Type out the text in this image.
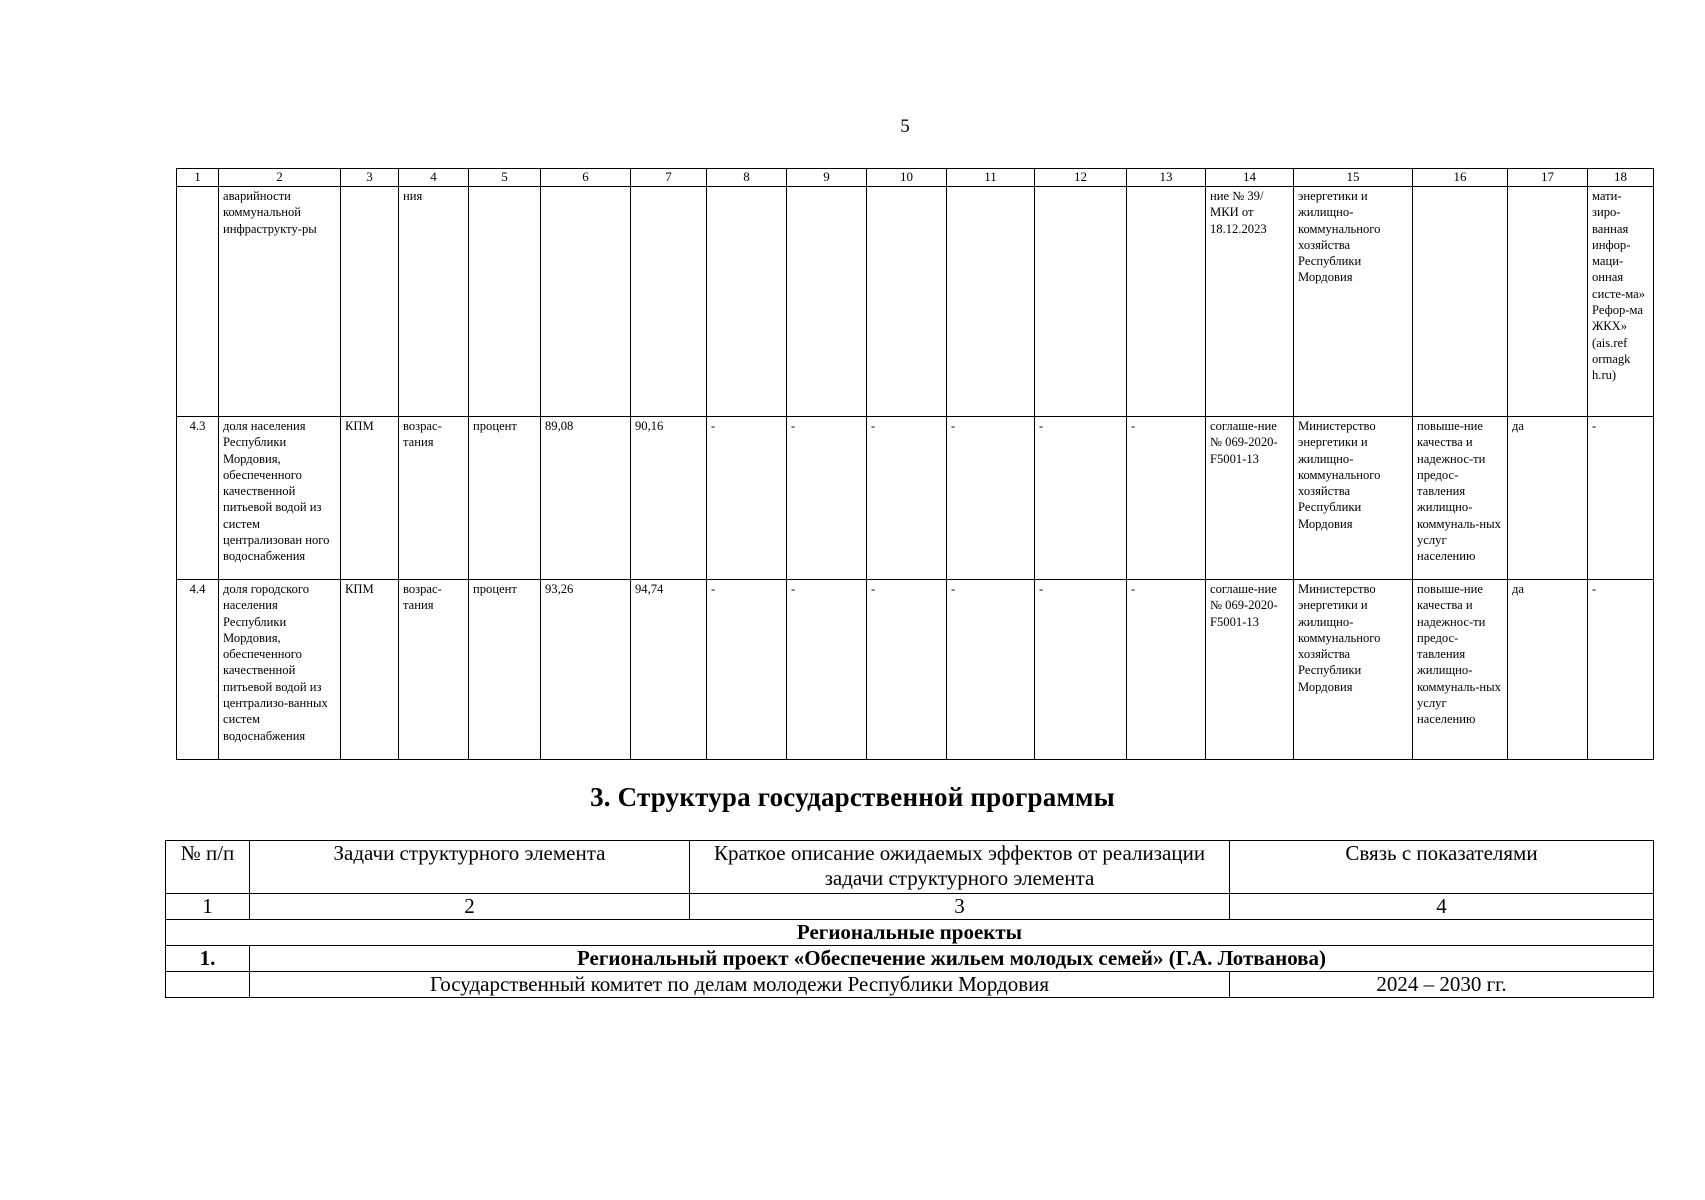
5
1	2	3	4	5	6	7	8	9	10	11	12	13	14	15	16	17	18
	аварийности коммунальной инфраструкту-ры		ния										ние № 39/МКИ от 18.12.2023	энергетики и жилищно-коммунального хозяйства Республики Мордовия			мати-зиро-ванная инфор-маци-онная систе-ма» Рефор-ма ЖКХ» (ais.ref ormagk h.ru)
4.3	доля населения Республики Мордовия, обеспеченного качественной питьевой водой из систем централизован ного водоснабжения	КПМ	возрас-тания	процент	89,08	90,16	-	-	-	-	-	-	соглаше-ние № 069-2020-F5001-13	Министерство энергетики и жилищно-коммунального хозяйства Республики Мордовия	повыше-ние качества и надежнос-ти предос-тавления жилищно-коммуналь-ных услуг населению	да	-
4.4	доля городского населения Республики Мордовия, обеспеченного качественной питьевой водой из централизо-ванных систем водоснабжения	КПМ	возрас-тания	процент	93,26	94,74	-	-	-	-	-	-	соглаше-ние № 069-2020-F5001-13	Министерство энергетики и жилищно-коммунального хозяйства Республики Мордовия	повыше-ние качества и надежнос-ти предос-тавления жилищно-коммуналь-ных услуг населению	да	-
3. Структура государственной программы
№ п/п	Задачи структурного элемента	Краткое описание ожидаемых эффектов от реализации задачи структурного элемента	Связь с показателями
1	2	3	4
Региональные проекты			
1.	Региональный проект «Обеспечение жильем молодых семей» (Г.А. Лотванова)		
	Государственный комитет по делам молодежи Республики Мордовия		2024 – 2030 гг.
